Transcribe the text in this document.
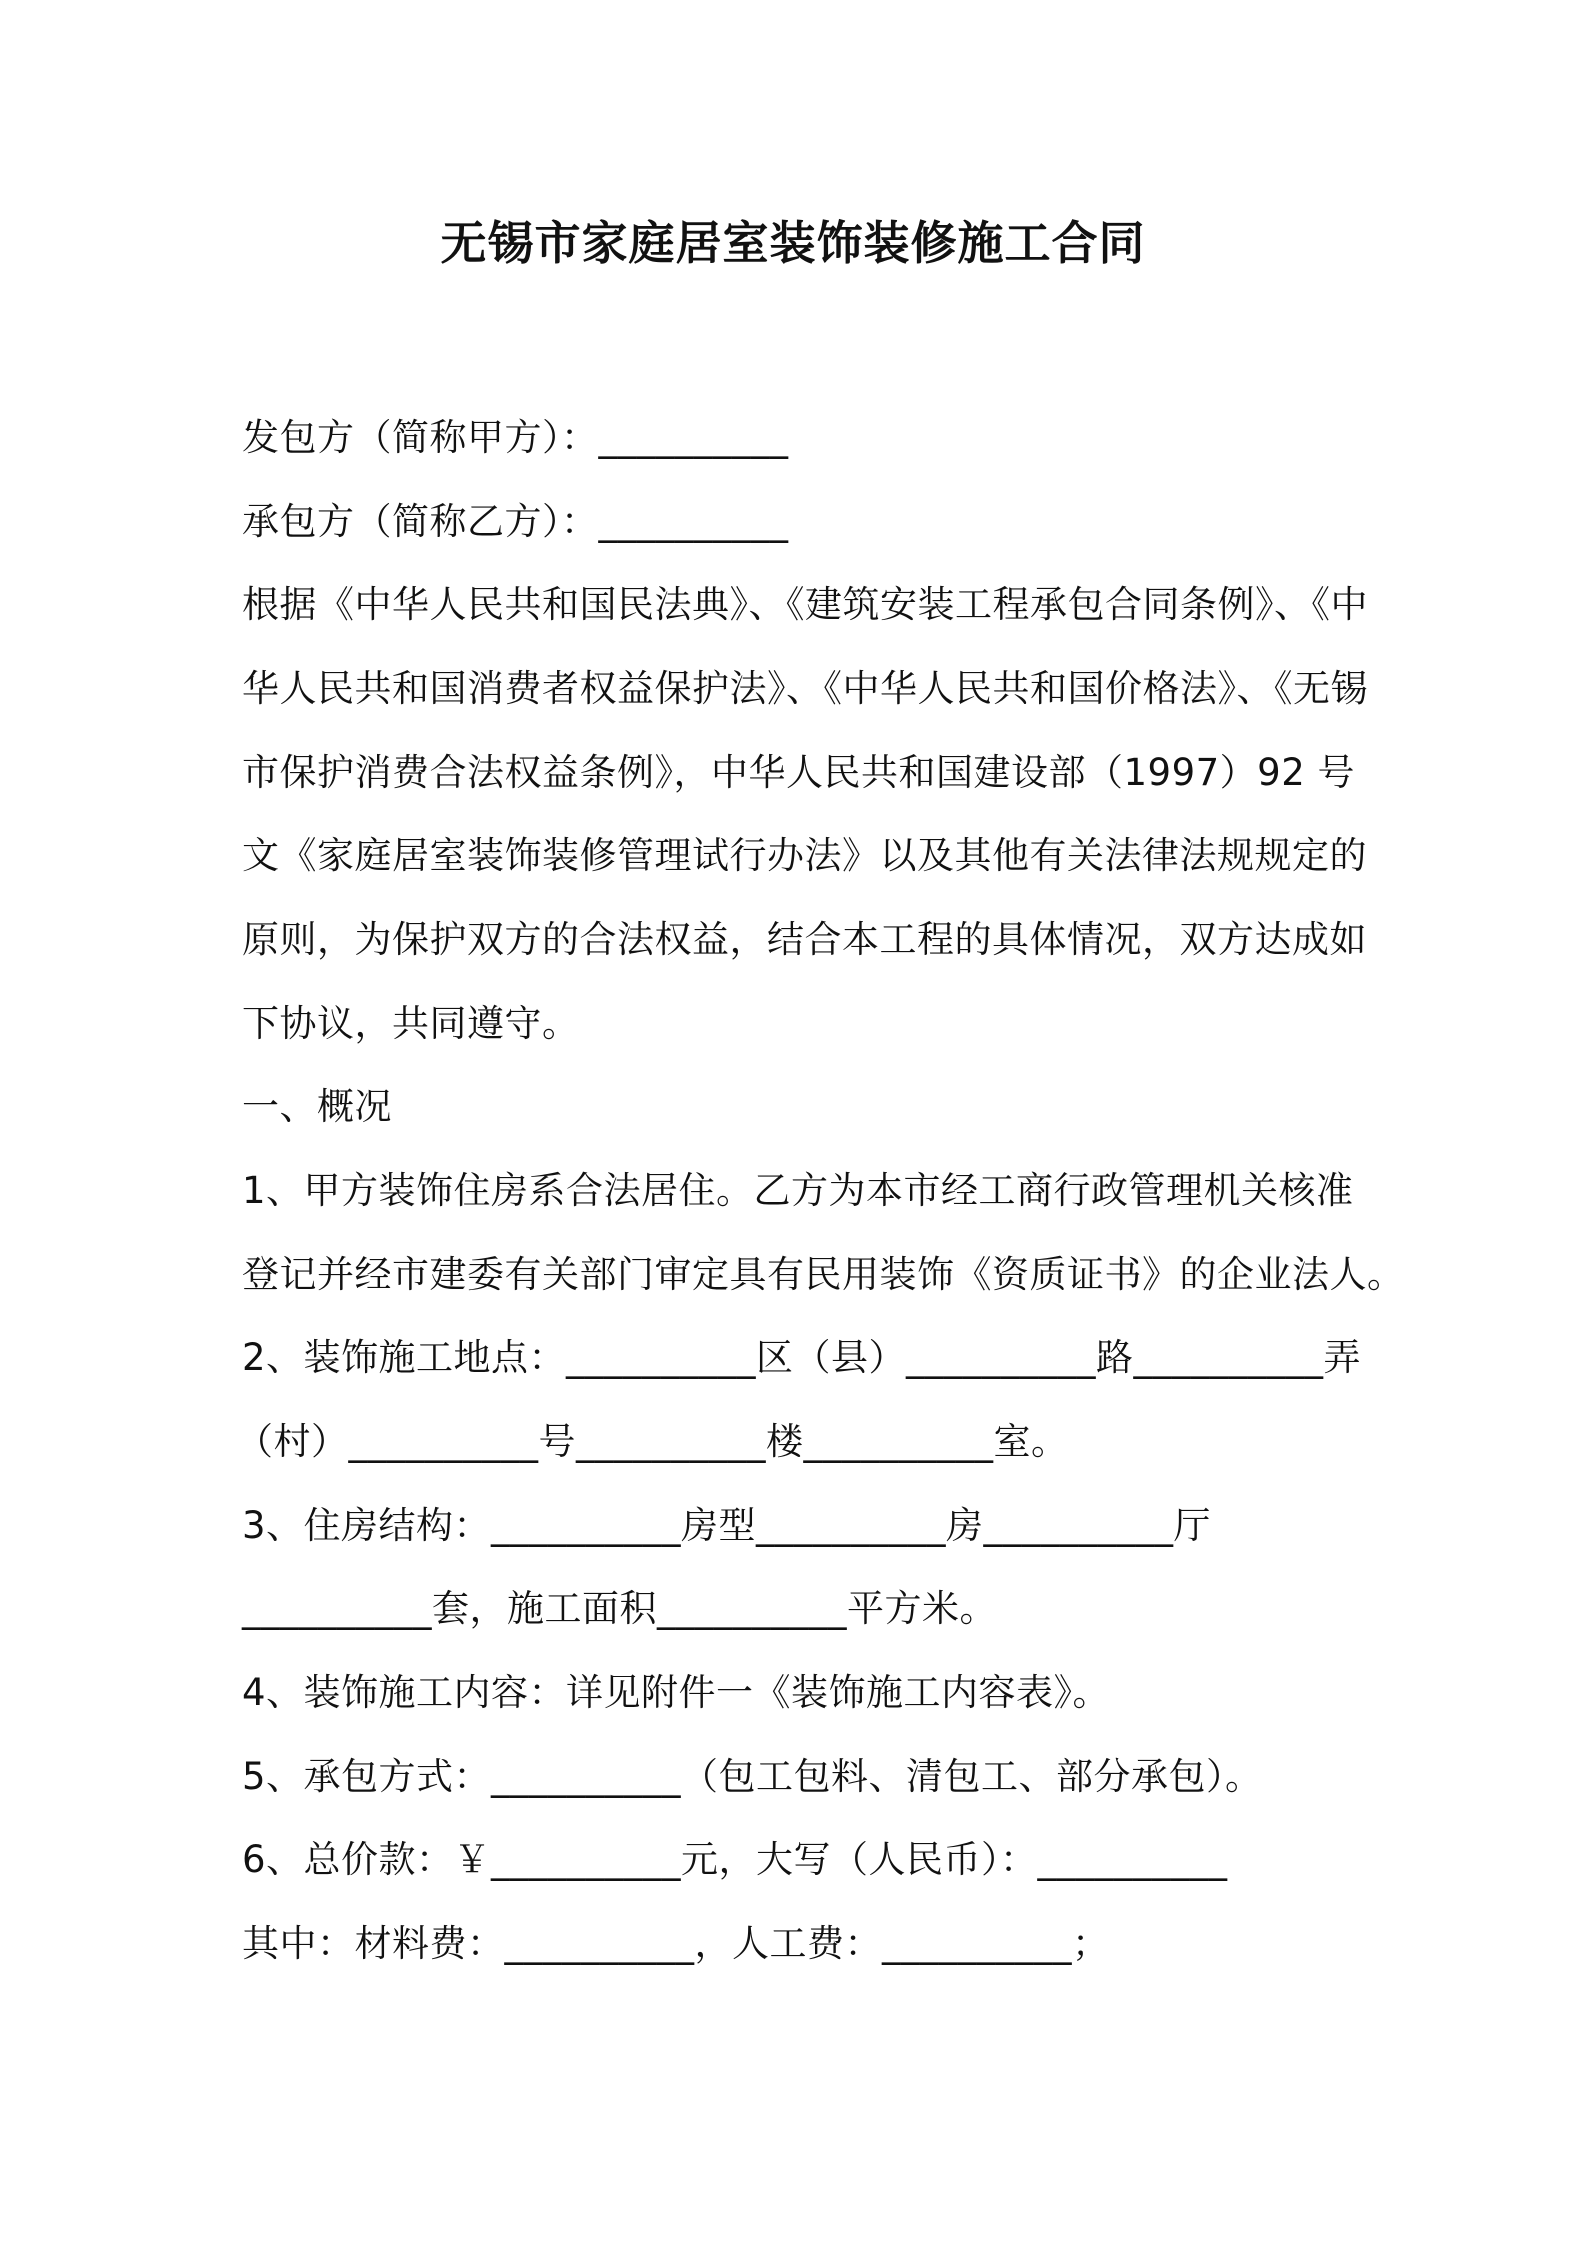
无锡市家庭居室装饰装修施工合同
发包方（简称甲方）：__________
承包方（简称乙方）：__________
根据《中华人民共和国民法典》、《建筑安装工程承包合同条例》、《中
华人民共和国消费者权益保护法》、《中华人民共和国价格法》、《无锡
市保护消费合法权益条例》，中华人民共和国建设部（1997）92 号
文《家庭居室装饰装修管理试行办法》以及其他有关法律法规规定的
原则，为保护双方的合法权益，结合本工程的具体情况，双方达成如
下协议，共同遵守。
一、概况
1、甲方装饰住房系合法居住。乙方为本市经工商行政管理机关核准
登记并经市建委有关部门审定具有民用装饰《资质证书》的企业法人。
2、装饰施工地点：__________区（县）__________路__________弄
（村）__________号__________楼__________室。
3、住房结构：__________房型__________房__________厅
__________套，施工面积__________平方米。
4、装饰施工内容：详见附件一《装饰施工内容表》。
5、承包方式：__________（包工包料、清包工、部分承包）。
6、总价款：￥__________元，大写（人民币）：__________
其中：材料费：__________，人工费：__________；
